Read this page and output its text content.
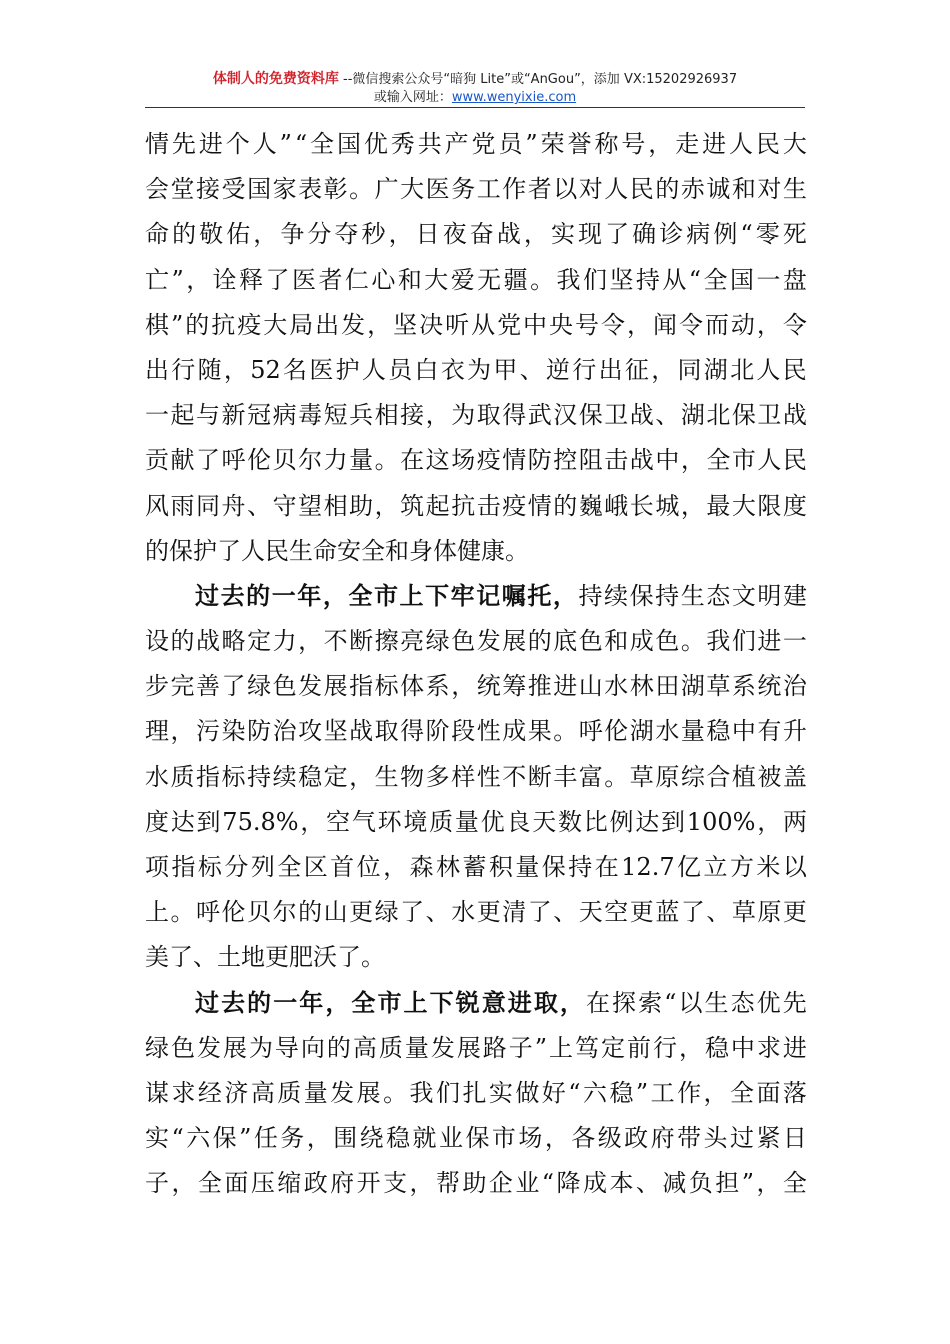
体制人的免费资料库 --微信搜索公众号“暗狗 Lite”或“AnGou”，添加 VX:15202926937
或输入网址：www.wenyixie.com
情 先 进 个 人 ” “ 全 国 优 秀 共 产 党 员 ” 荣 誉 称 号 ， 走 进 人 民 大
会 堂 接 受 国 家 表 彰 。 广 大 医 务 工 作 者 以 对 人 民 的 赤 诚 和 对 生
命 的 敬 佑 ， 争 分 夺 秒 ， 日 夜 奋 战 ， 实 现 了 确 诊 病 例 “ 零 死
亡 ” ， 诠 释 了 医 者 仁 心 和 大 爱 无 疆 。 我 们 坚 持 从 “ 全 国 一 盘
棋 ” 的 抗 疫 大 局 出 发 ， 坚 决 听 从 党 中 央 号 令 ， 闻 令 而 动 ， 令
出 行 随 ， 52 名 医 护 人 员 白 衣 为 甲 、 逆 行 出 征 ， 同 湖 北 人 民
一 起 与 新 冠 病 毒 短 兵 相 接 ， 为 取 得 武 汉 保 卫 战 、 湖 北 保 卫 战
贡 献 了 呼 伦 贝 尔 力 量 。 在 这 场 疫 情 防 控 阻 击 战 中 ， 全 市 人 民
风 雨 同 舟 、 守 望 相 助 ， 筑 起 抗 击 疫 情 的 巍 峨 长 城 ， 最 大 限 度
的 保 护 了 人 民 生 命 安 全 和 身 体 健 康 。
过 去 的 一 年 ， 全 市 上 下 牢 记 嘱 托 ， 持 续 保 持 生 态 文 明 建
设 的 战 略 定 力 ， 不 断 擦 亮 绿 色 发 展 的 底 色 和 成 色 。 我 们 进 一
步 完 善 了 绿 色 发 展 指 标 体 系 ， 统 筹 推 进 山 水 林 田 湖 草 系 统 治
理 ， 污 染 防 治 攻 坚 战 取 得 阶 段 性 成 果 。 呼 伦 湖 水 量 稳 中 有 升
水 质 指 标 持 续 稳 定 ， 生 物 多 样 性 不 断 丰 富 。 草 原 综 合 植 被 盖
度 达 到 75.8% ， 空 气 环 境 质 量 优 良 天 数 比 例 达 到 100% ， 两
项 指 标 分 列 全 区 首 位 ， 森 林 蓄 积 量 保 持 在 12.7 亿 立 方 米 以
上 。 呼 伦 贝 尔 的 山 更 绿 了 、 水 更 清 了 、 天 空 更 蓝 了 、 草 原 更
美 了 、 土 地 更 肥 沃 了 。
过 去 的 一 年 ， 全 市 上 下 锐 意 进 取 ， 在 探 索 “ 以 生 态 优 先
绿 色 发 展 为 导 向 的 高 质 量 发 展 路 子 ” 上 笃 定 前 行 ， 稳 中 求 进
谋 求 经 济 高 质 量 发 展 。 我 们 扎 实 做 好 “ 六 稳 ” 工 作 ， 全 面 落
实 “ 六 保 ” 任 务 ， 围 绕 稳 就 业 保 市 场 ， 各 级 政 府 带 头 过 紧 日
子 ， 全 面 压 缩 政 府 开 支 ， 帮 助 企 业 “ 降 成 本 、 减 负 担 ” ， 全
